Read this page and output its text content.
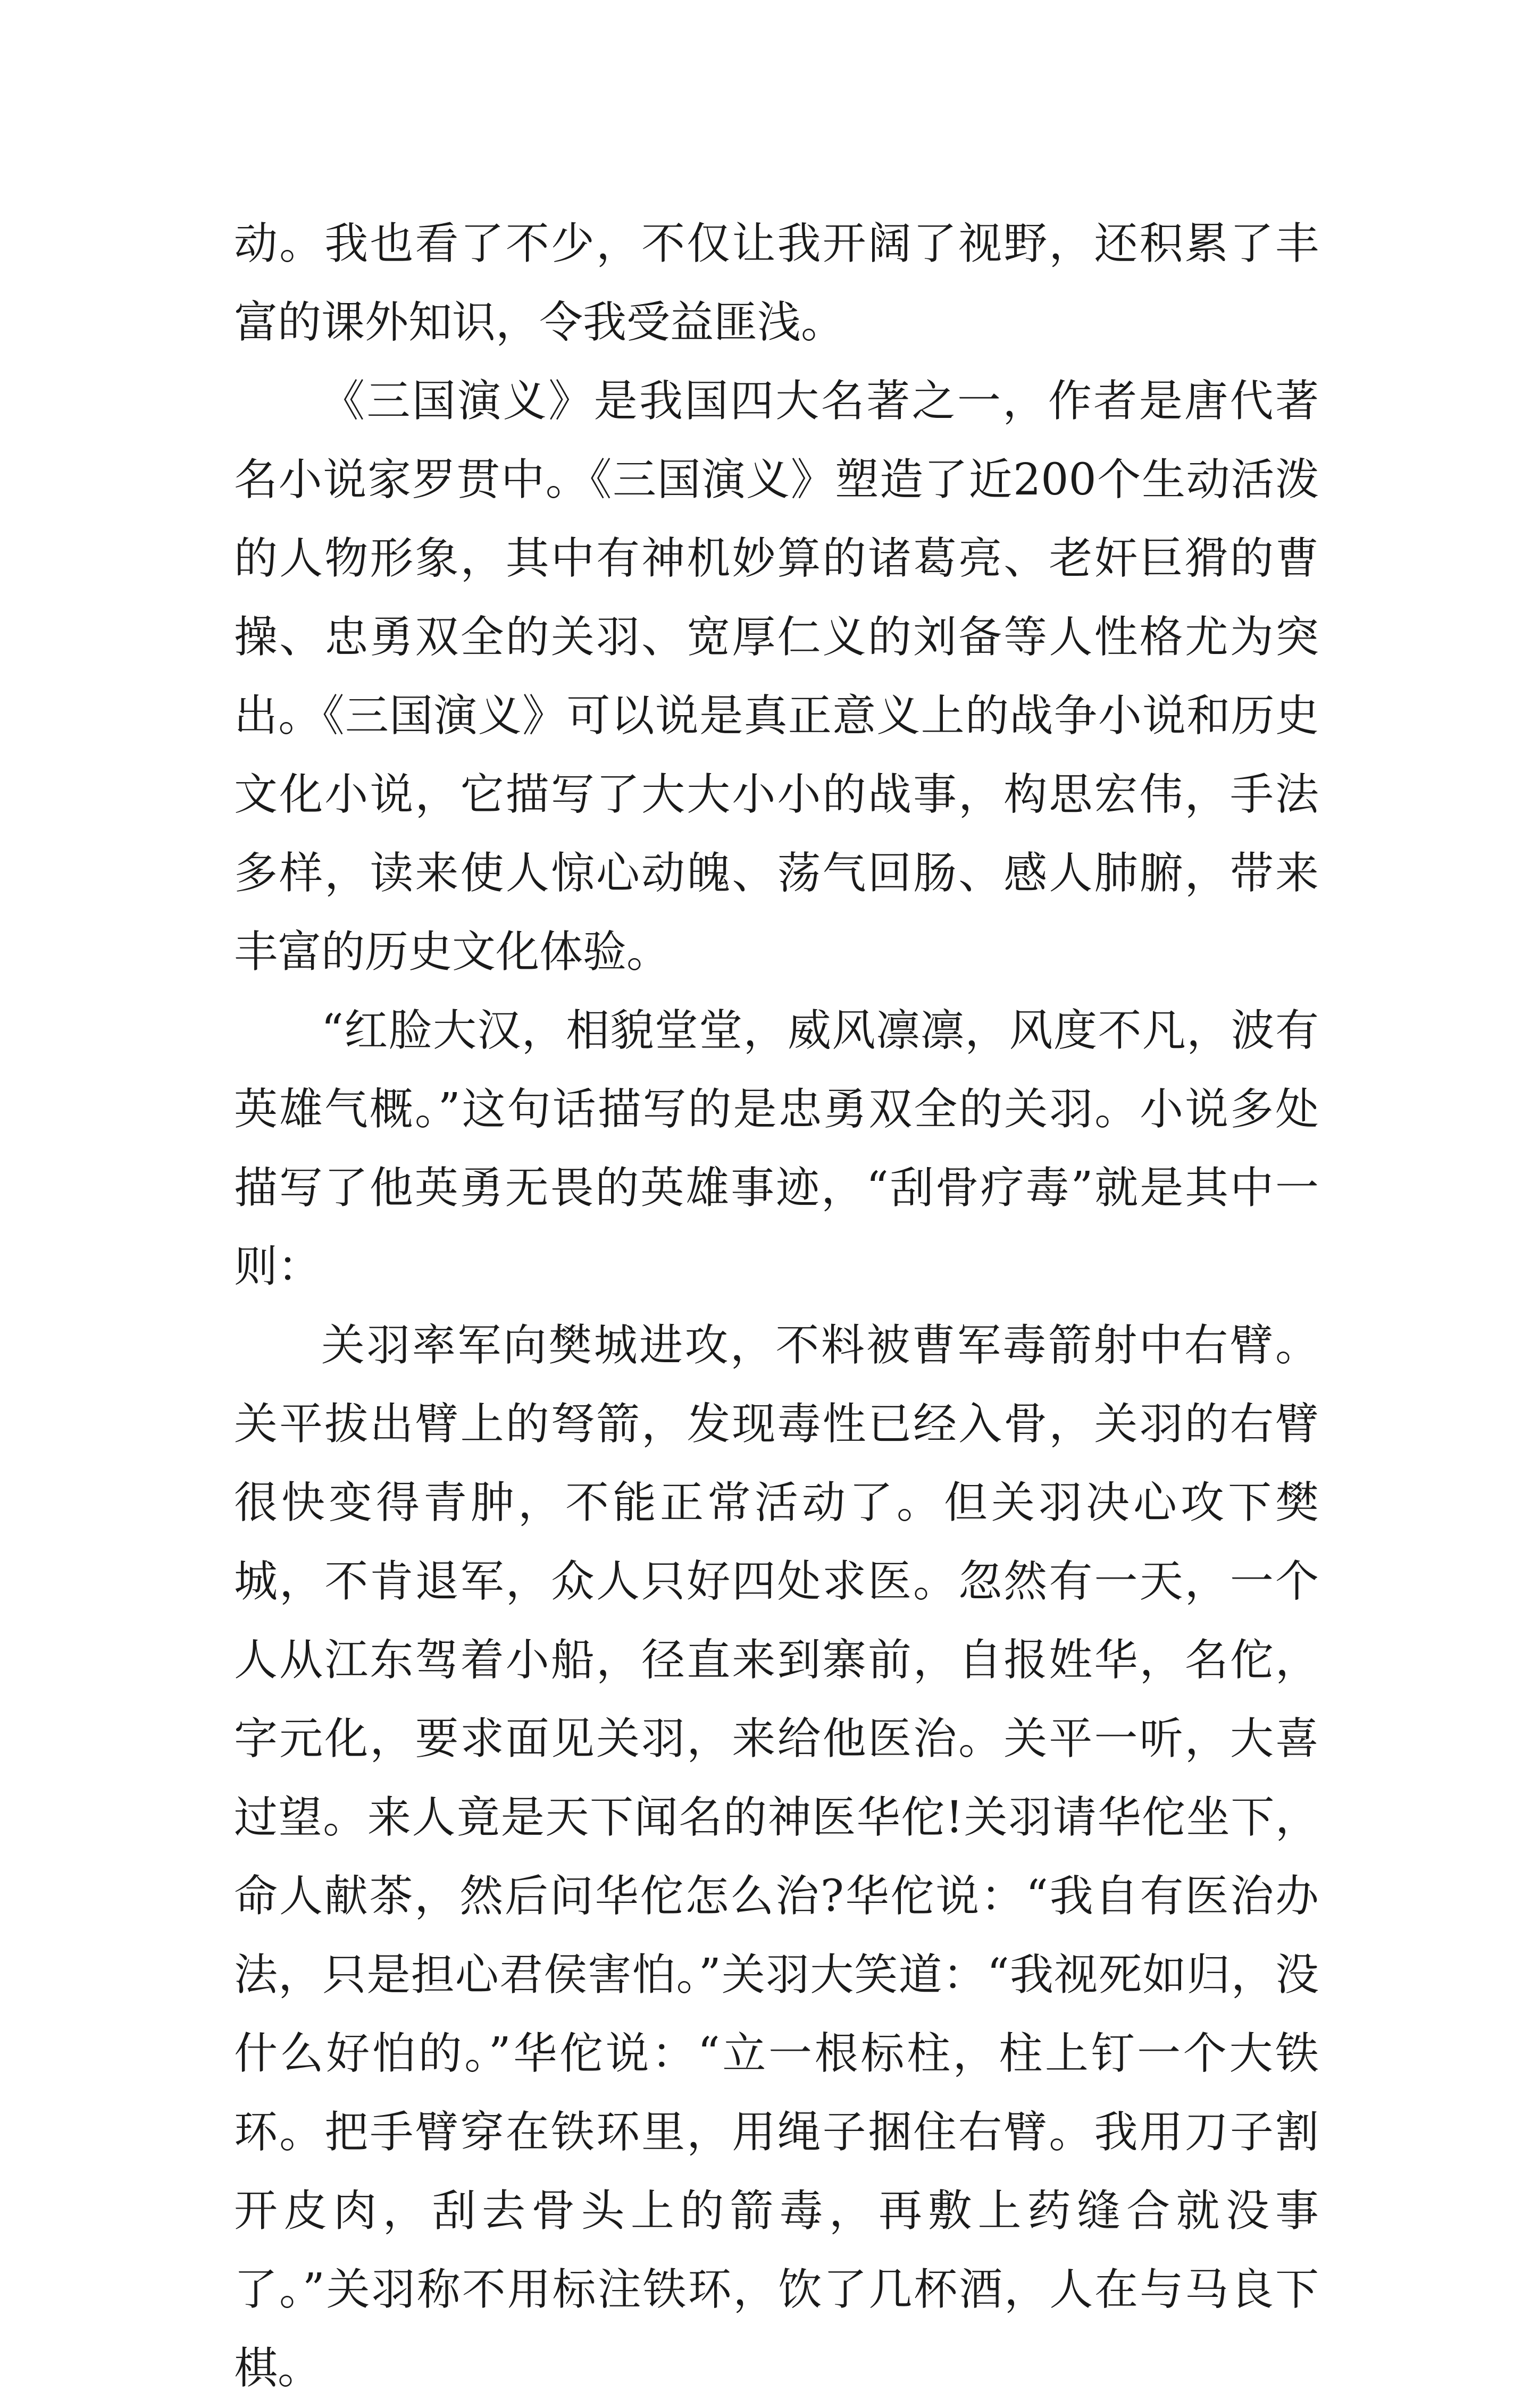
动。我也看了不少，不仅让我开阔了视野，还积累了丰富的课外知识，令我受益匪浅。

《三国演义》是我国四大名著之一，作者是唐代著名小说家罗贯中。《三国演义》塑造了近200个生动活泼的人物形象，其中有神机妙算的诸葛亮、老奸巨猾的曹操、忠勇双全的关羽、宽厚仁义的刘备等人性格尤为突出。《三国演义》可以说是真正意义上的战争小说和历史文化小说，它描写了大大小小的战事，构思宏伟，手法多样，读来使人惊心动魄、荡气回肠、感人肺腑，带来丰富的历史文化体验。

“红脸大汉，相貌堂堂，威风凛凛，风度不凡，波有英雄气概。”这句话描写的是忠勇双全的关羽。小说多处描写了他英勇无畏的英雄事迹，“刮骨疗毒”就是其中一则：

关羽率军向樊城进攻，不料被曹军毒箭射中右臂。关平拔出臂上的弩箭，发现毒性已经入骨，关羽的右臂很快变得青肿，不能正常活动了。但关羽决心攻下樊城，不肯退军，众人只好四处求医。忽然有一天，一个人从江东驾着小船，径直来到寨前，自报姓华，名佗，字元化，要求面见关羽，来给他医治。关平一听，大喜过望。来人竟是天下闻名的神医华佗!关羽请华佗坐下，命人献茶，然后问华佗怎么治?华佗说：“我自有医治办法，只是担心君侯害怕。”关羽大笑道：“我视死如归，没什么好怕的。”华佗说：“立一根标柱，柱上钉一个大铁环。把手臂穿在铁环里，用绳子捆住右臂。我用刀子割开皮肉，刮去骨头上的箭毒，再敷上药缝合就没事了。”关羽称不用标注铁环，饮了几杯酒，人在与马良下棋。
